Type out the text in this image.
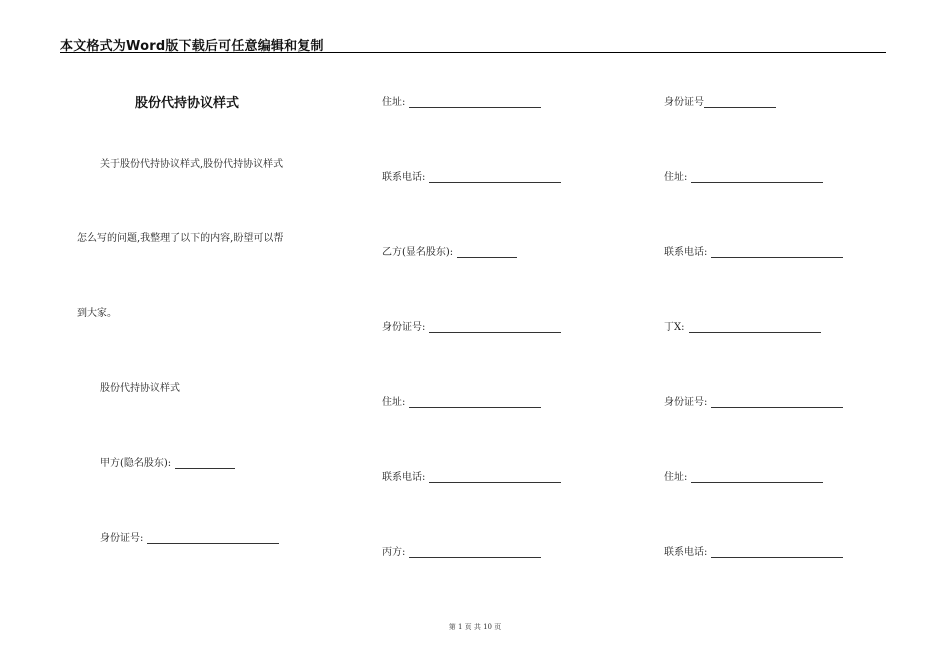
本文格式为Word版下载后可任意编辑和复制
股份代持协议样式
关于股份代持协议样式,股份代持协议样式
怎么写的问题,我整理了以下的内容,盼望可以帮
到大家。
股份代持协议样式
甲方(隐名股东):
身份证号:
住址:
联系电话:
乙方(显名股东):
身份证号:
住址:
联系电话:
丙方:
身份证号
住址:
联系电话:
丁X:
身份证号:
住址:
联系电话:
第 1 页 共 10 页
